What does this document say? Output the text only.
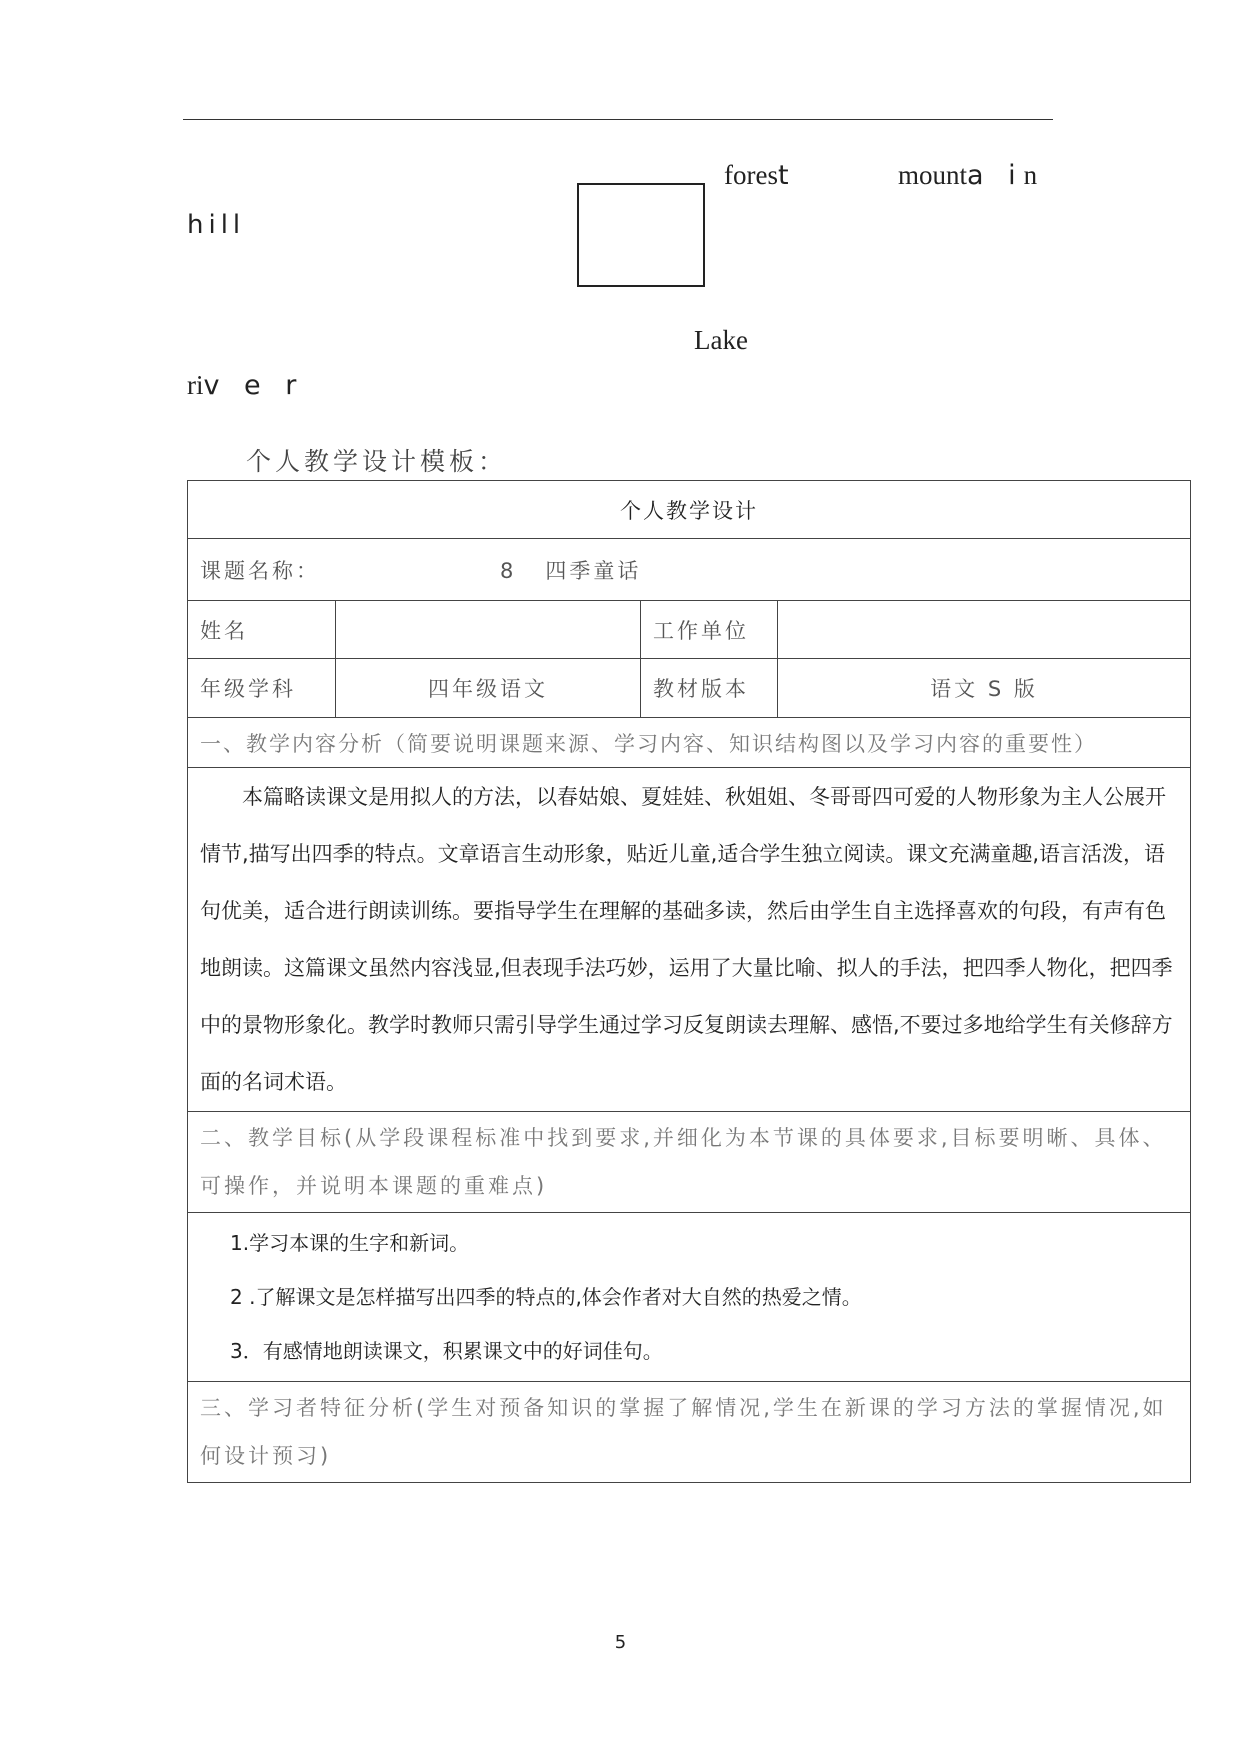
forest	mounta in
hill
Lake
riv e r
个人教学设计模板：
个人教学设计			
课题名称： 8   四季童话			
姓名		工作单位	
年级学科	四年级语文	教材版本	语文 S 版
一、教学内容分析（简要说明课题来源、学习内容、知识结构图以及学习内容的重要性）			
本篇略读课文是用拟人的方法，以春姑娘、夏娃娃、秋姐姐、冬哥哥四可爱的人物形象为主人公展开情节,描写出四季的特点。文章语言生动形象，贴近儿童,适合学生独立阅读。课文充满童趣,语言活泼，语句优美，适合进行朗读训练。要指导学生在理解的基础多读，然后由学生自主选择喜欢的句段，有声有色地朗读。这篇课文虽然内容浅显,但表现手法巧妙，运用了大量比喻、拟人的手法，把四季人物化，把四季中的景物形象化。教学时教师只需引导学生通过学习反复朗读去理解、感悟,不要过多地给学生有关修辞方面的名词术语。			
二、教学目标(从学段课程标准中找到要求,并细化为本节课的具体要求,目标要明晰、具体、可操作，并说明本课题的重难点)			

1.学习本课的生字和新词。
2 .了解课文是怎样描写出四季的特点的,体会作者对大自然的热爱之情。
3．有感情地朗读课文，积累课文中的好词佳句。			

三、学习者特征分析(学生对预备知识的掌握了解情况,学生在新课的学习方法的掌握情况,如何设计预习)			
5
